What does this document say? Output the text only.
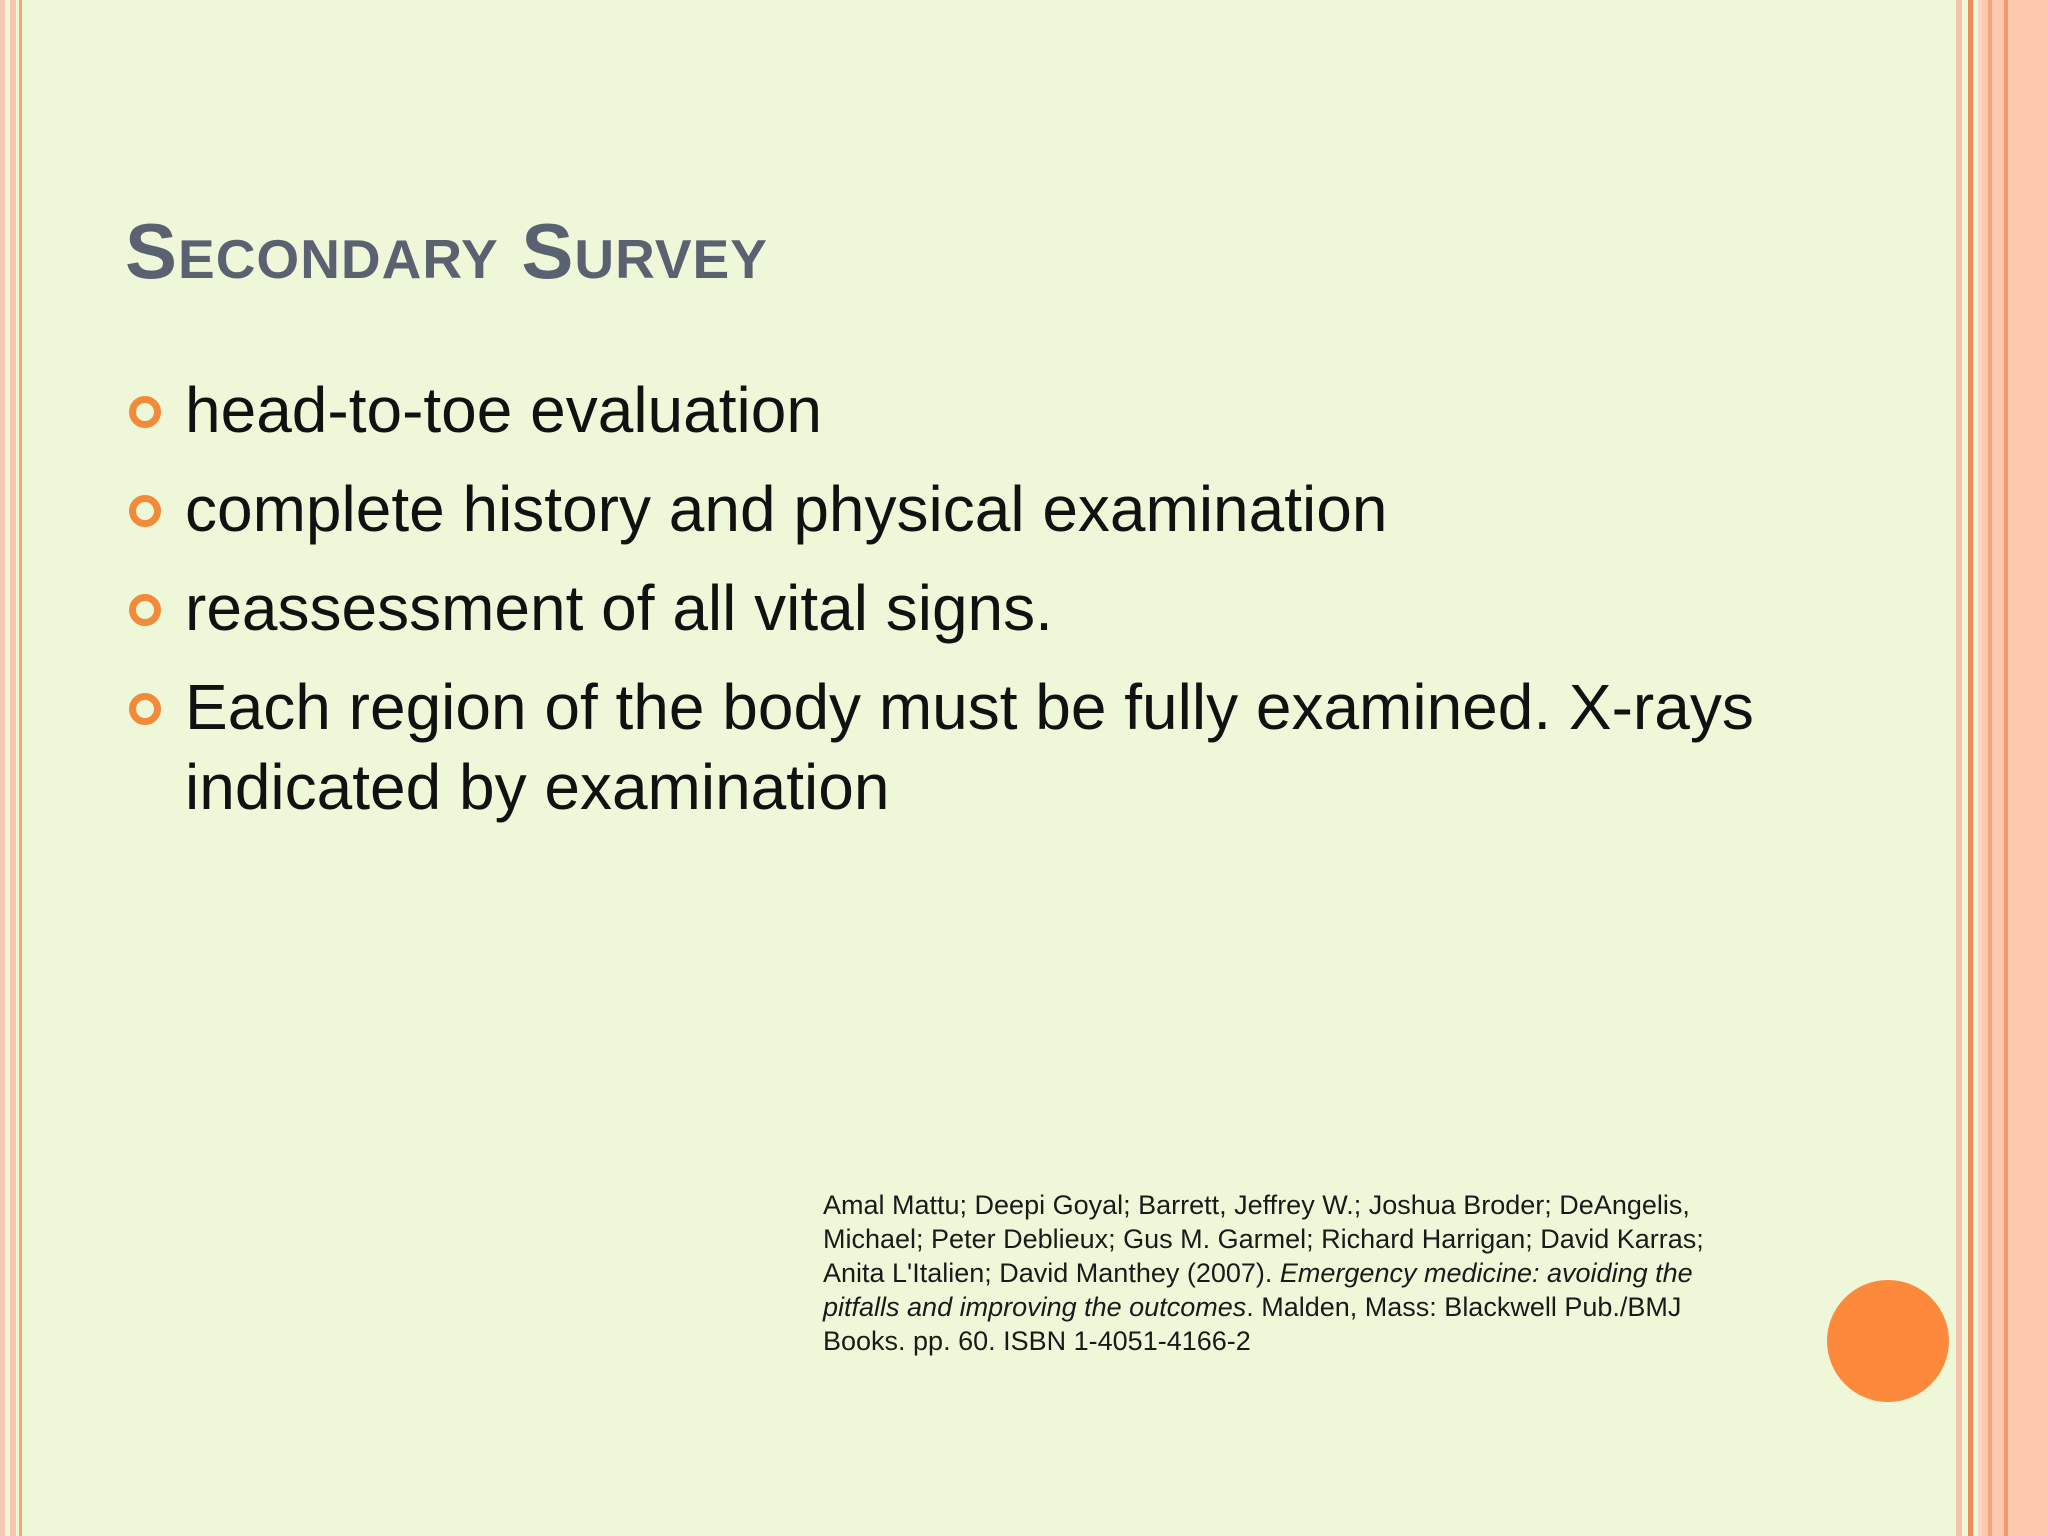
Secondary Survey
head-to-toe evaluation
complete history and physical examination
reassessment of all vital signs.
Each region of the body must be fully examined. X-rays indicated by examination
Amal Mattu; Deepi Goyal; Barrett, Jeffrey W.; Joshua Broder; DeAngelis, Michael; Peter Deblieux; Gus M. Garmel; Richard Harrigan; David Karras; Anita L'Italien; David Manthey (2007). Emergency medicine: avoiding the pitfalls and improving the outcomes. Malden, Mass: Blackwell Pub./BMJ Books. pp. 60. ISBN 1-4051-4166-2
